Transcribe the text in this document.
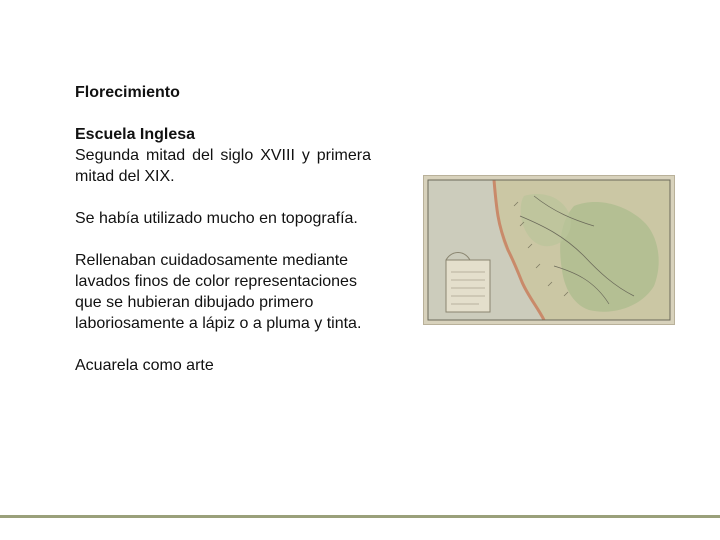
Florecimiento

Escuela Inglesa

Segunda mitad del siglo XVIII y primera mitad del XIX.

Se había utilizado mucho en topografía.

Rellenaban cuidadosamente mediante lavados finos de color representaciones que se hubieran dibujado primero laboriosamente a lápiz o a pluma y tinta.

Acuarela como arte
